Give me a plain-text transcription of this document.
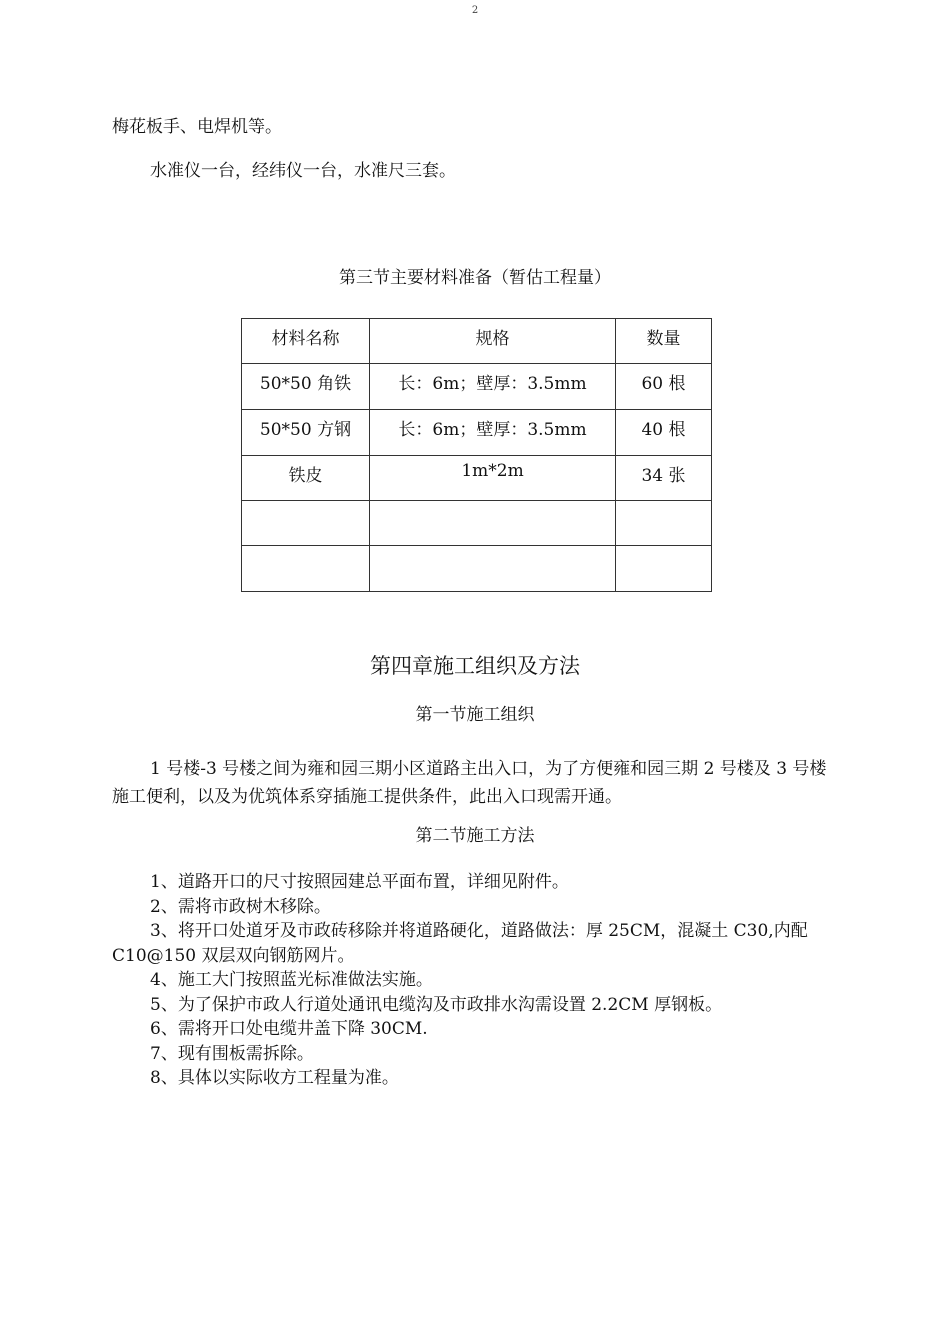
2
梅花板手、电焊机等。
水准仪一台，经纬仪一台，水准尺三套。
第三节主要材料准备（暂估工程量）
材料名称	规格	数量
50*50 角铁	长：6m；壁厚：3.5mm	60 根
50*50 方钢	长：6m；壁厚：3.5mm	40 根
铁皮	1m*2m	34 张

第四章施工组织及方法
第一节施工组织
1 号楼-3 号楼之间为雍和园三期小区道路主出入口，为了方便雍和园三期 2 号楼及 3 号楼施工便利，以及为优筑体系穿插施工提供条件，此出入口现需开通。
第二节施工方法
1、道路开口的尺寸按照园建总平面布置，详细见附件。
2、需将市政树木移除。
3、将开口处道牙及市政砖移除并将道路硬化，道路做法：厚 25CM，混凝土 C30,内配 C10@150 双层双向钢筋网片。
4、施工大门按照蓝光标准做法实施。
5、为了保护市政人行道处通讯电缆沟及市政排水沟需设置 2.2CM 厚钢板。
6、需将开口处电缆井盖下降 30CM.
7、现有围板需拆除。
8、具体以实际收方工程量为准。
